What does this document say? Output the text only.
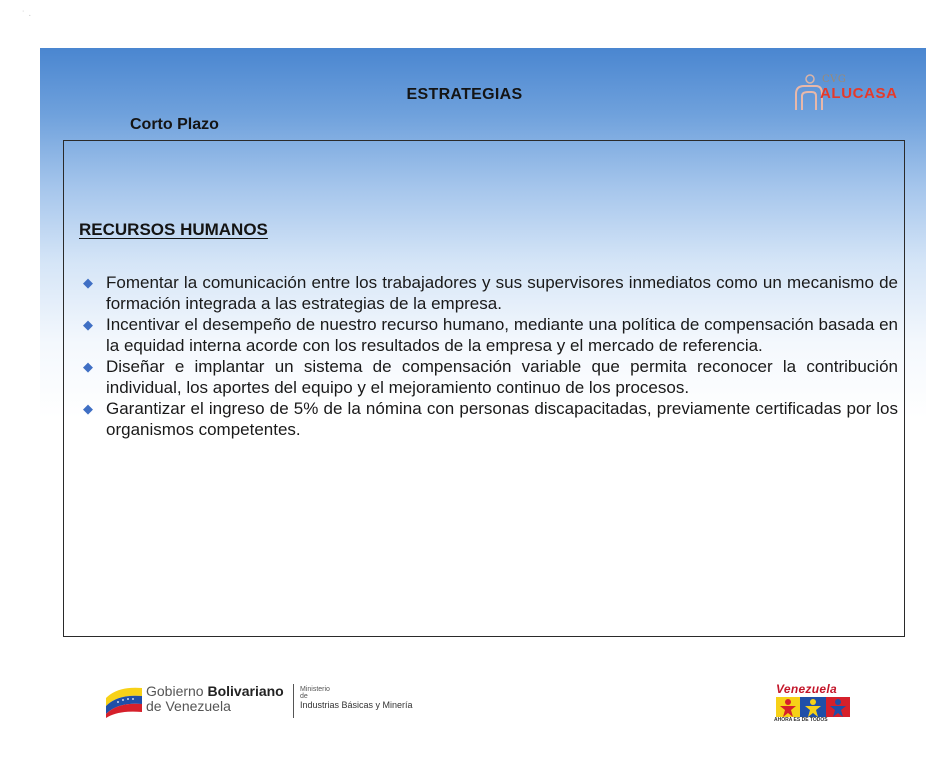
˙ ·
ESTRATEGIAS
Corto Plazo
CVG
ALUCASA
RECURSOS HUMANOS
◆ Fomentar la comunicación entre los trabajadores y sus supervisores inmediatos como un mecanismo de formación integrada a las estrategias de la empresa.
◆ Incentivar el desempeño de nuestro recurso humano, mediante una política de compensación basada en la equidad interna acorde con los resultados de la empresa y el mercado de referencia.
◆ Diseñar e implantar un sistema de compensación variable que permita reconocer la contribución individual, los aportes del equipo y el mejoramiento continuo de los procesos.
◆ Garantizar el ingreso de 5% de la nómina con personas discapacitadas, previamente certificadas por los organismos competentes.
Gobierno Bolivariano
de Venezuela
Ministerio
de
Industrias Básicas y Minería
Venezuela
AHORA ES DE TODOS
